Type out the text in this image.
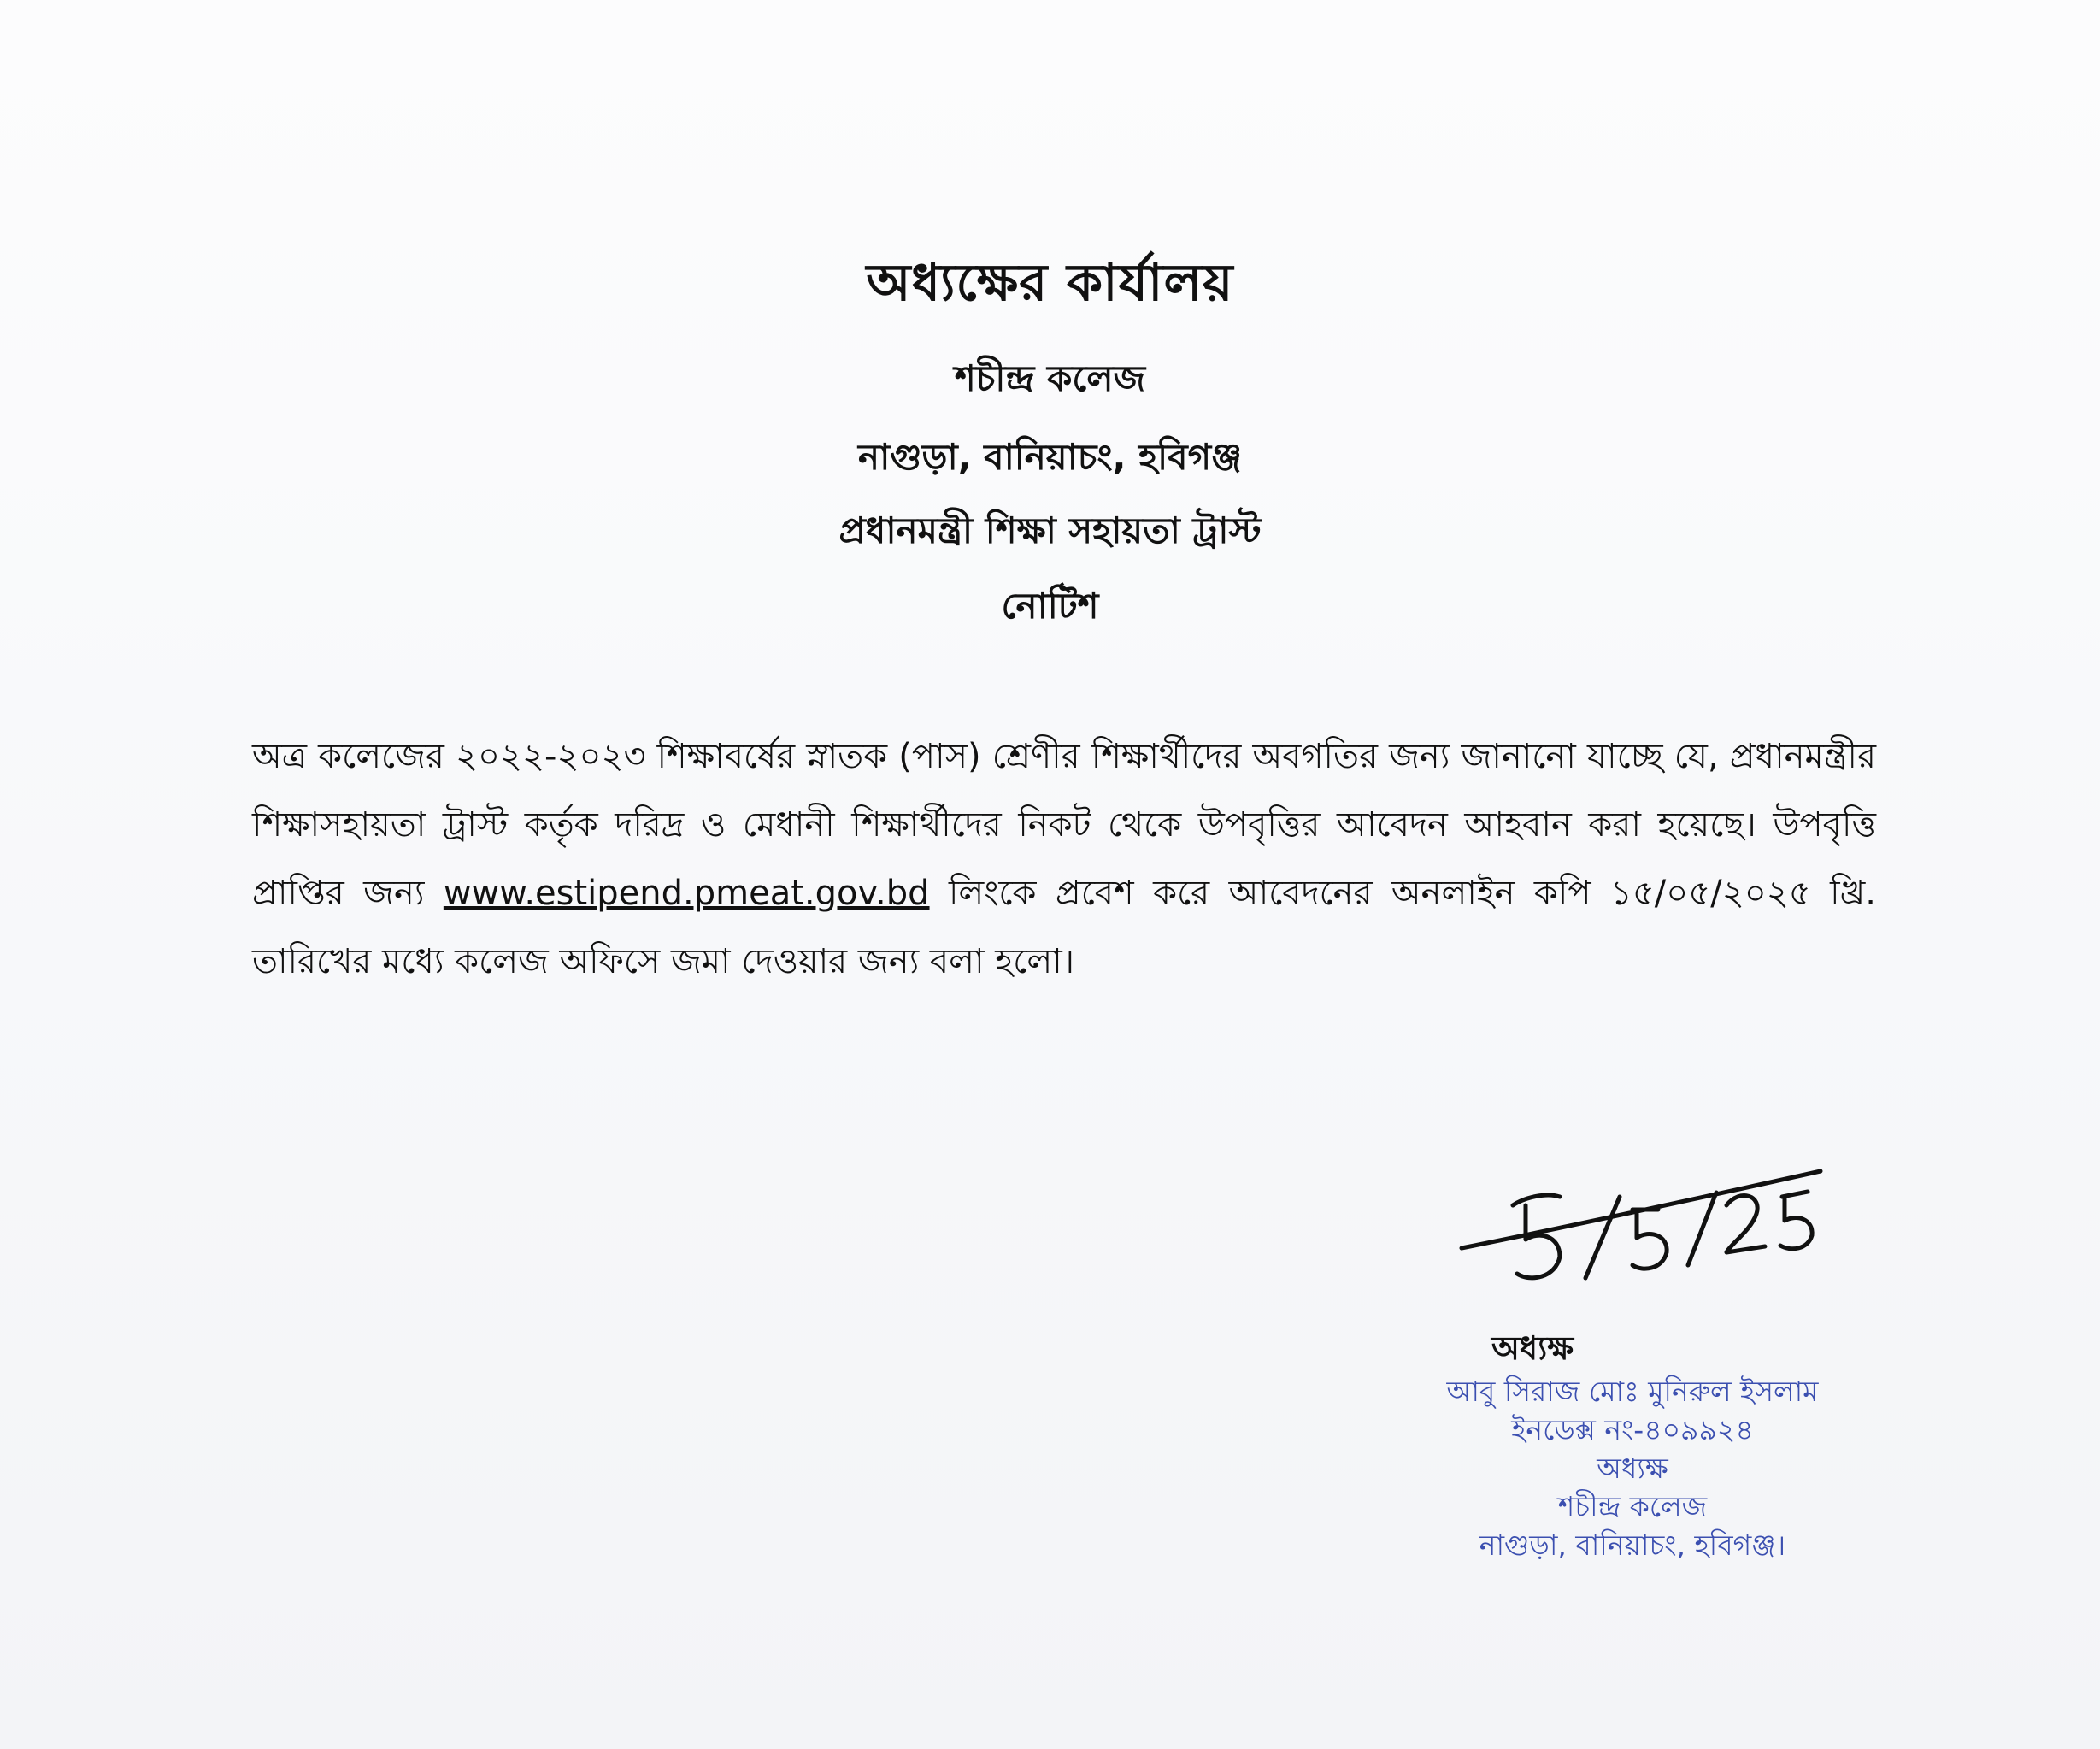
অধ্যক্ষের কার্যালয়
শচীন্দ্র কলেজ
নাগুড়া, বানিয়াচং, হবিগঞ্জ
প্রধানমন্ত্রী শিক্ষা সহায়তা ট্রাস্ট
নোটিশ
অত্র কলেজের ২০২২-২০২৩ শিক্ষাবর্ষের স্নাতক (পাস) শ্রেণীর শিক্ষার্থীদের অবগতির জন্য জানানো যাচ্ছে যে, প্রধানমন্ত্রীর শিক্ষাসহায়তা ট্রাস্ট কর্তৃক দরিদ্র ও মেধানী শিক্ষার্থীদের নিকট থেকে উপবৃত্তির আবেদন আহবান করা হয়েছে। উপবৃত্তি প্রাপ্তির জন্য www.estipend.pmeat.gov.bd লিংকে প্রবেশ করে আবেদনের অনলাইন কপি ১৫/০৫/২০২৫ খ্রি. তারিখের মধ্যে কলেজ অফিসে জমা দেওয়ার জন্য বলা হলো।
অধ্যক্ষ
আবু সিরাজ মোঃ মুনিরুল ইসলাম
ইনডেক্স নং-৪০৯৯২৪
অধ্যক্ষ
শচীন্দ্র কলেজ
নাগুড়া, বানিয়াচং, হবিগঞ্জ।
